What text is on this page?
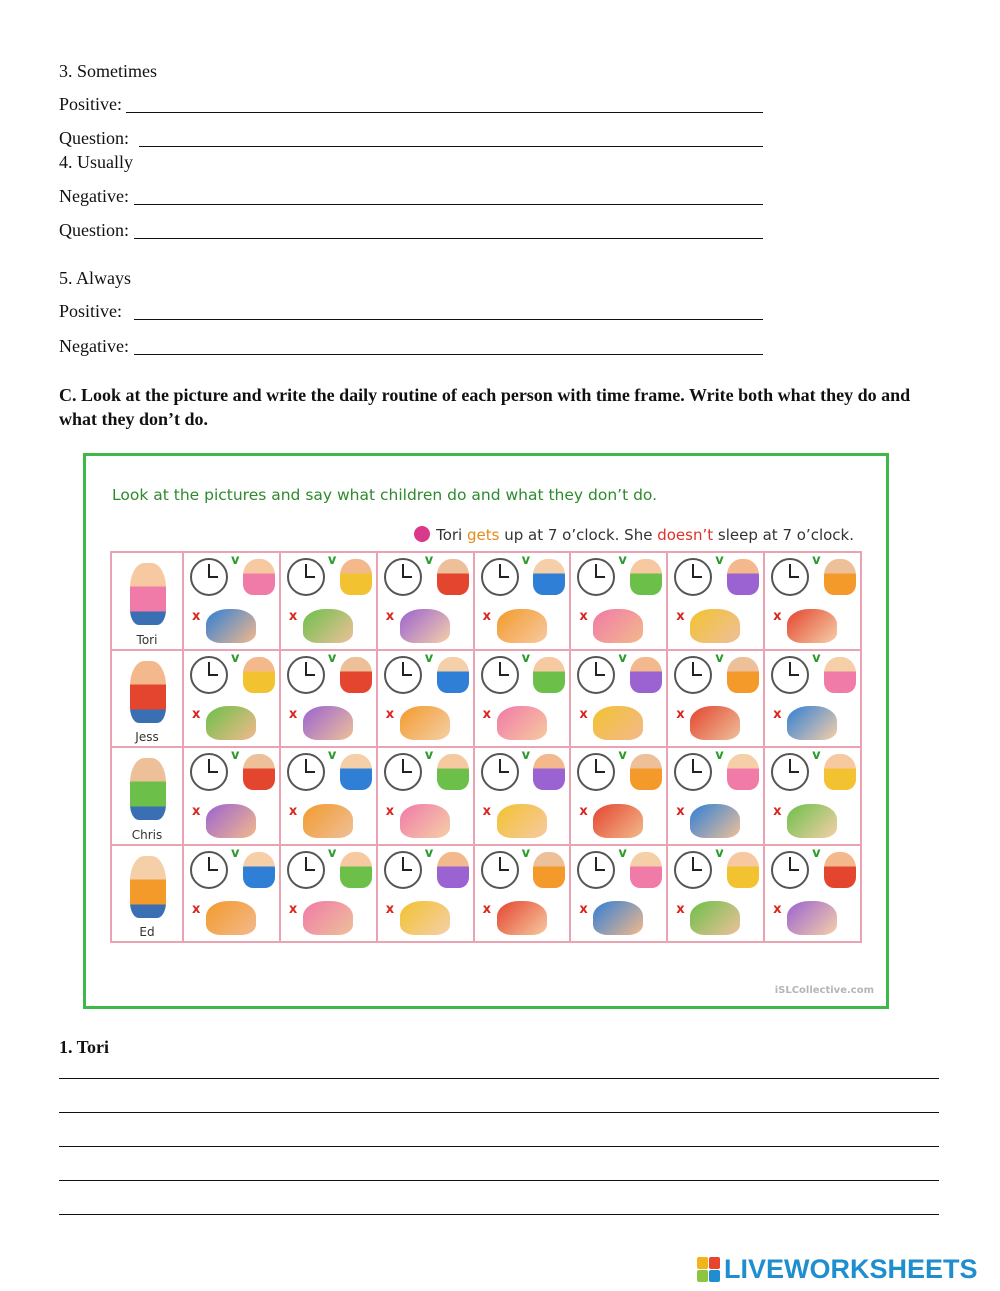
3. Sometimes
Positive:
Question:
4. Usually
Negative:
Question:
5. Always
Positive:
Negative:
C. Look at the picture and write the daily routine of each person with time frame. Write both what they do and what they don’t do.
Look at the pictures and say what children do and what they don’t do.
Tori gets up at 7 o’clock. She doesn’t sleep at 7 o’clock.
Tori
v
x
v
x
v
x
v
x
v
x
v
x
v
x
Jess
v
x
v
x
v
x
v
x
v
x
v
x
v
x
Chris
v
x
v
x
v
x
v
x
v
x
v
x
v
x
Ed
v
x
v
x
v
x
v
x
v
x
v
x
v
x
iSLCollective.com
1. Tori
LIVEWORKSHEETS
